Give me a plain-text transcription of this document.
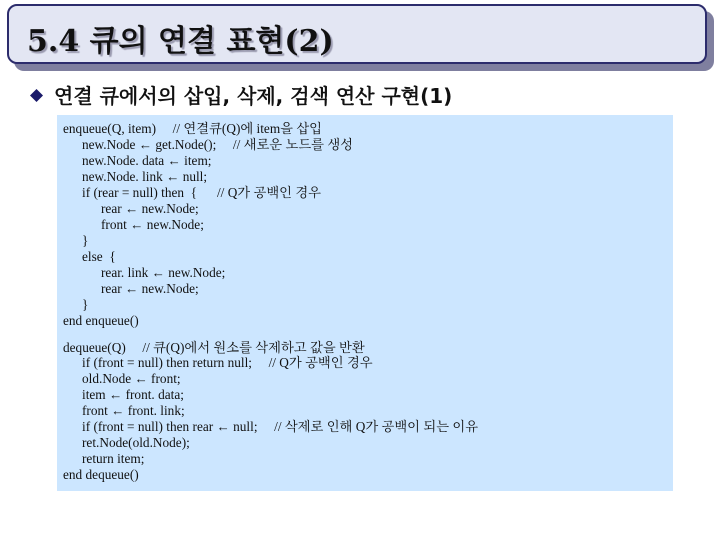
5.4 큐의 연결 표현(2)
연결 큐에서의 삽입, 삭제, 검색 연산 구현(1)
enqueue(Q, item)     // 연결큐(Q)에 item을 삽입
new.Node ← get.Node();     // 새로운 노드를 생성
new.Node. data ← item;
new.Node. link ← null;
if (rear = null) then  {      // Q가 공백인 경우
rear ← new.Node;
front ← new.Node;
}
else  {
rear. link ← new.Node;
rear ← new.Node;
}
end enqueue()
dequeue(Q)     // 큐(Q)에서 원소를 삭제하고 값을 반환
if (front = null) then return null;     // Q가 공백인 경우
old.Node ← front;
item ← front. data;
front ← front. link;
if (front = null) then rear ← null;     // 삭제로 인해 Q가 공백이 되는 이유
ret.Node(old.Node);
return item;
end dequeue()
